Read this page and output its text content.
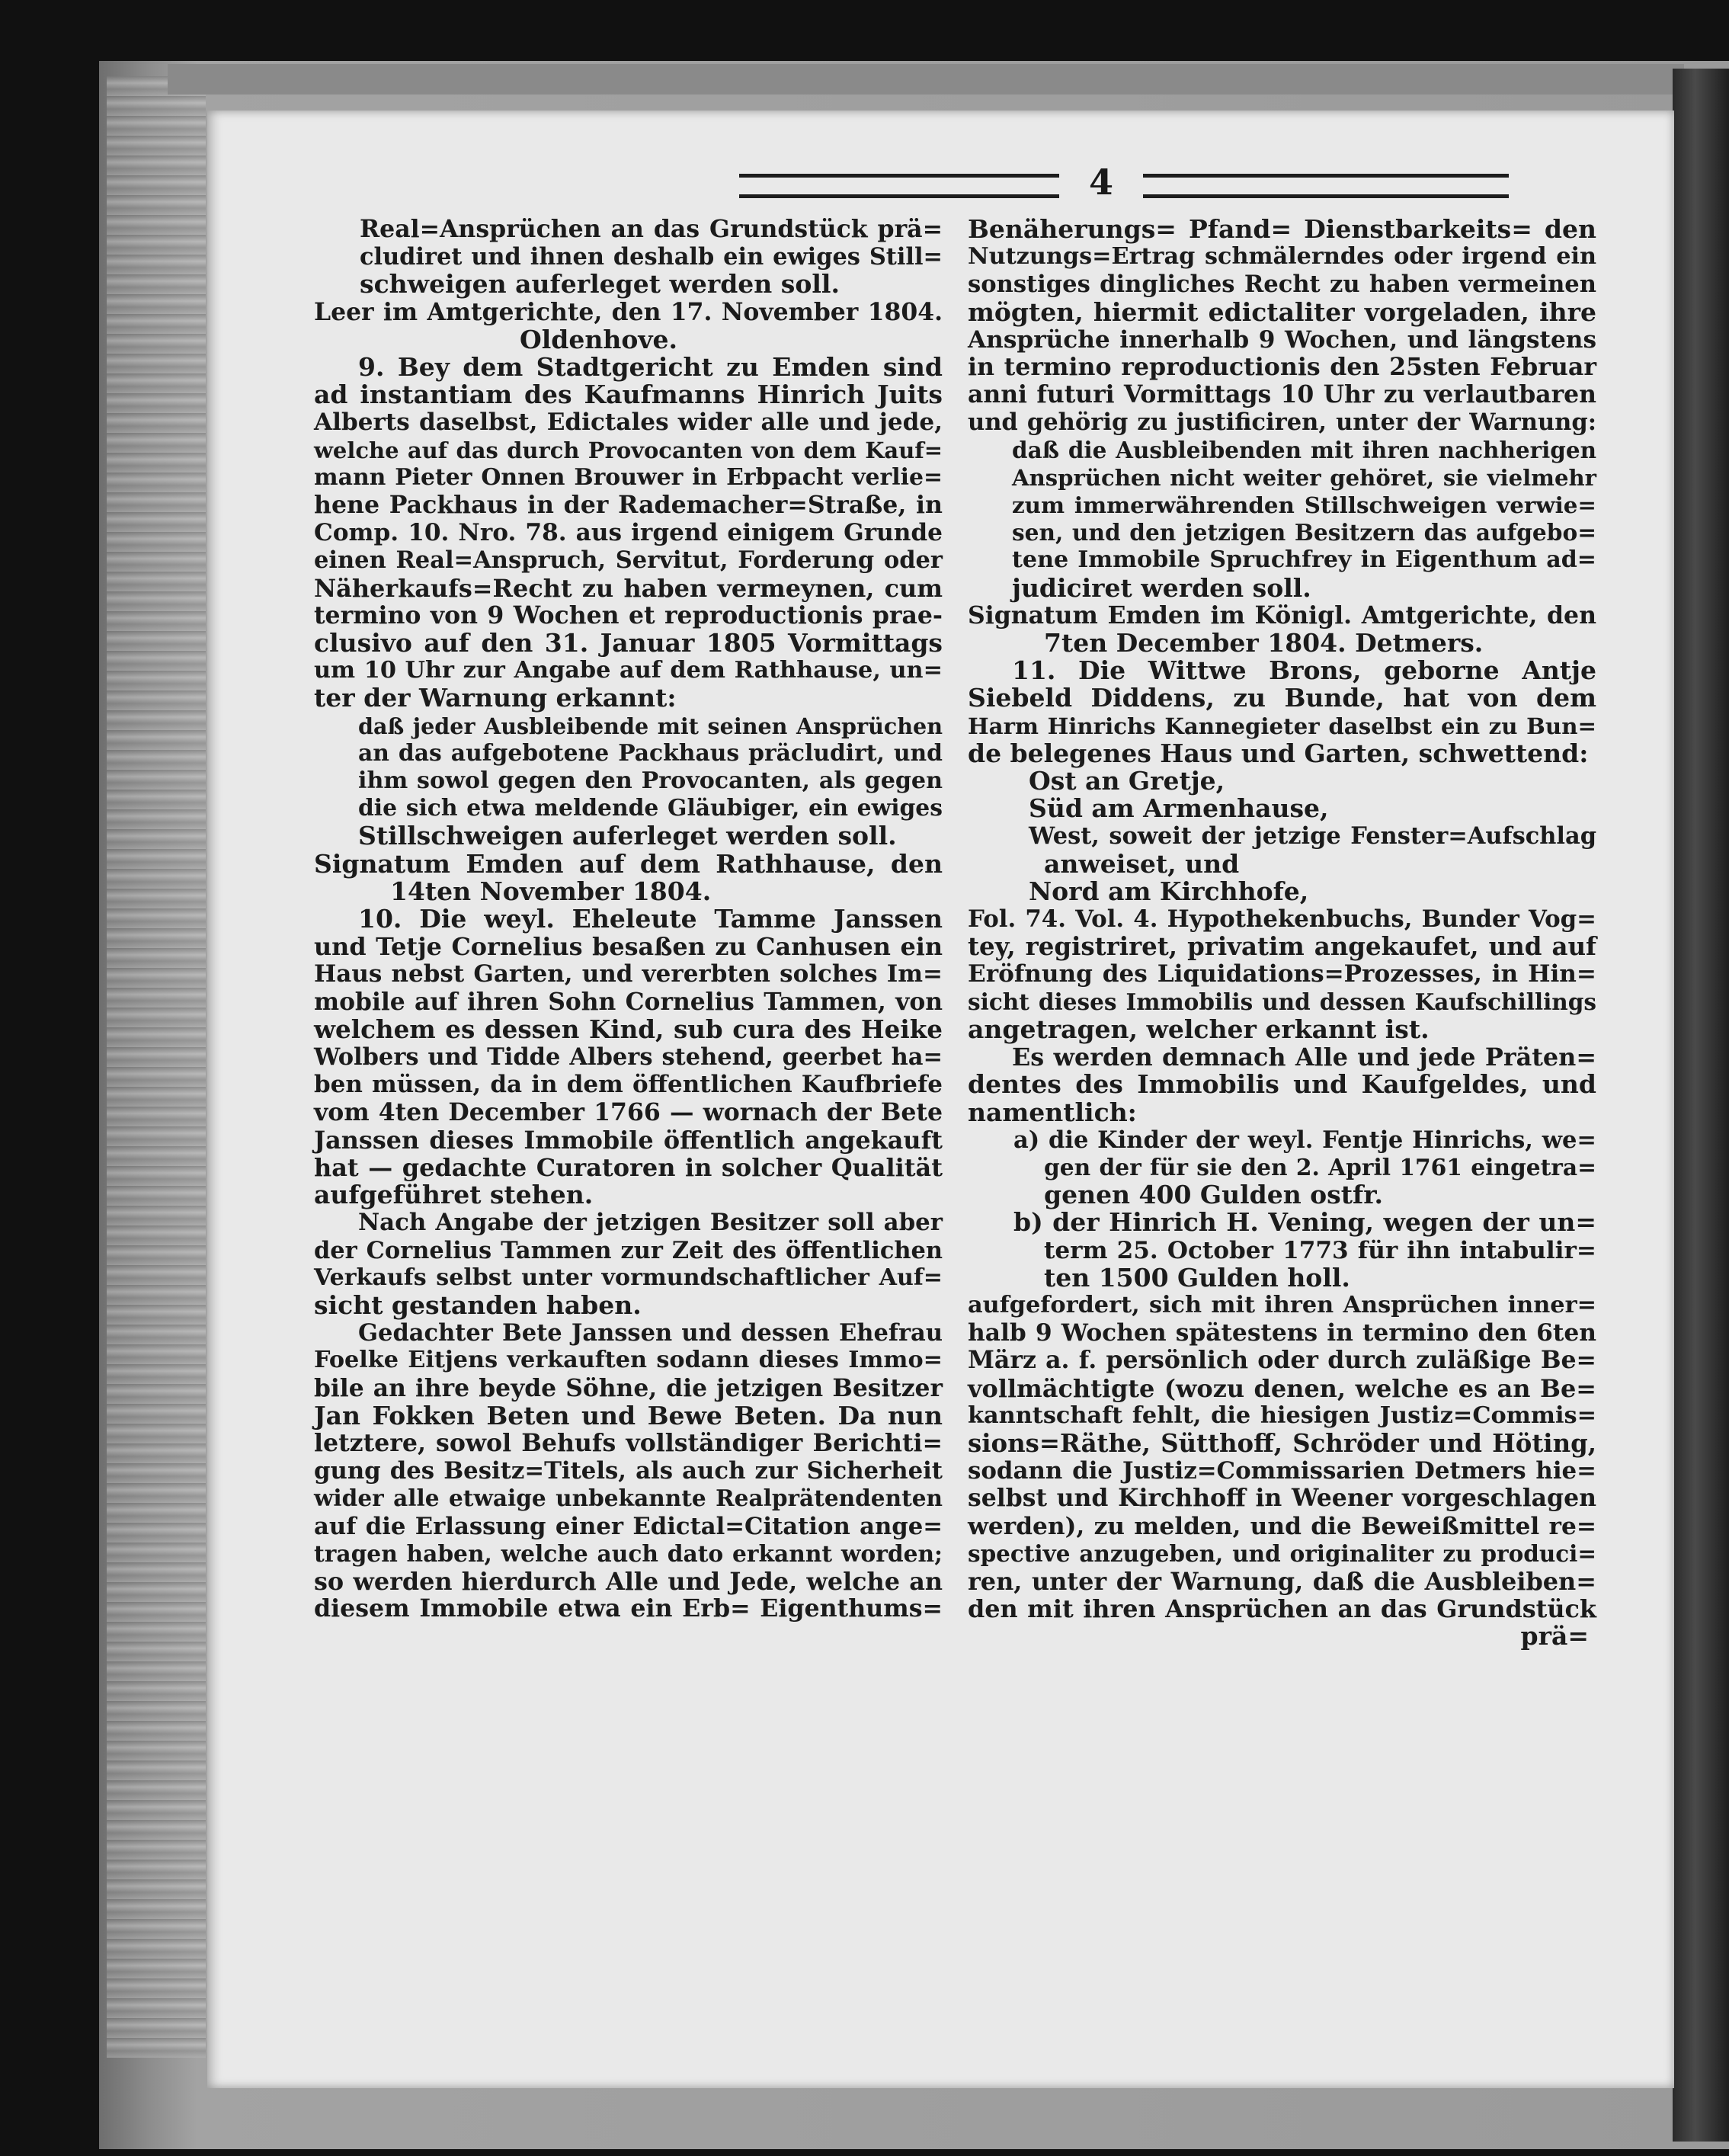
4
Real=Ansprüchen an das Grundstück prä=
cludiret und ihnen deshalb ein ewiges Still=
schweigen auferleget werden soll.
Leer im Amtgerichte, den 17. November 1804.
Oldenhove.
9. Bey dem Stadtgericht zu Emden sind
ad instantiam des Kaufmanns Hinrich Juits
Alberts daselbst, Edictales wider alle und jede,
welche auf das durch Provocanten von dem Kauf=
mann Pieter Onnen Brouwer in Erbpacht verlie=
hene Packhaus in der Rademacher=Straße, in
Comp. 10. Nro. 78. aus irgend einigem Grunde
einen Real=Anspruch, Servitut, Forderung oder
Näherkaufs=Recht zu haben vermeynen, cum
termino von 9 Wochen et reproductionis prae-
clusivo auf den 31. Januar 1805 Vormittags
um 10 Uhr zur Angabe auf dem Rathhause, un=
ter der Warnung erkannt:
daß jeder Ausbleibende mit seinen Ansprüchen
an das aufgebotene Packhaus präcludirt, und
ihm sowol gegen den Provocanten, als gegen
die sich etwa meldende Gläubiger, ein ewiges
Stillschweigen auferleget werden soll.
Signatum Emden auf dem Rathhause, den
14ten November 1804.
10. Die weyl. Eheleute Tamme Janssen
und Tetje Cornelius besaßen zu Canhusen ein
Haus nebst Garten, und vererbten solches Im=
mobile auf ihren Sohn Cornelius Tammen, von
welchem es dessen Kind, sub cura des Heike
Wolbers und Tidde Albers stehend, geerbet ha=
ben müssen, da in dem öffentlichen Kaufbriefe
vom 4ten December 1766 — wornach der Bete
Janssen dieses Immobile öffentlich angekauft
hat — gedachte Curatoren in solcher Qualität
aufgeführet stehen.
Nach Angabe der jetzigen Besitzer soll aber
der Cornelius Tammen zur Zeit des öffentlichen
Verkaufs selbst unter vormundschaftlicher Auf=
sicht gestanden haben.
Gedachter Bete Janssen und dessen Ehefrau
Foelke Eitjens verkauften sodann dieses Immo=
bile an ihre beyde Söhne, die jetzigen Besitzer
Jan Fokken Beten und Bewe Beten. Da nun
letztere, sowol Behufs vollständiger Berichti=
gung des Besitz=Titels, als auch zur Sicherheit
wider alle etwaige unbekannte Realprätendenten
auf die Erlassung einer Edictal=Citation ange=
tragen haben, welche auch dato erkannt worden;
so werden hierdurch Alle und Jede, welche an
diesem Immobile etwa ein Erb= Eigenthums=
Benäherungs= Pfand= Dienstbarkeits= den
Nutzungs=Ertrag schmälerndes oder irgend ein
sonstiges dingliches Recht zu haben vermeinen
mögten, hiermit edictaliter vorgeladen, ihre
Ansprüche innerhalb 9 Wochen, und längstens
in termino reproductionis den 25sten Februar
anni futuri Vormittags 10 Uhr zu verlautbaren
und gehörig zu justificiren, unter der Warnung:
daß die Ausbleibenden mit ihren nachherigen
Ansprüchen nicht weiter gehöret, sie vielmehr
zum immerwährenden Stillschweigen verwie=
sen, und den jetzigen Besitzern das aufgebo=
tene Immobile Spruchfrey in Eigenthum ad=
judiciret werden soll.
Signatum Emden im Königl. Amtgerichte, den
7ten December 1804. Detmers.
11. Die Wittwe Brons, geborne Antje
Siebeld Diddens, zu Bunde, hat von dem
Harm Hinrichs Kannegieter daselbst ein zu Bun=
de belegenes Haus und Garten, schwettend:
Ost an Gretje,
Süd am Armenhause,
West, soweit der jetzige Fenster=Aufschlag
anweiset, und
Nord am Kirchhofe,
Fol. 74. Vol. 4. Hypothekenbuchs, Bunder Vog=
tey, registriret, privatim angekaufet, und auf
Eröfnung des Liquidations=Prozesses, in Hin=
sicht dieses Immobilis und dessen Kaufschillings
angetragen, welcher erkannt ist.
Es werden demnach Alle und jede Präten=
dentes des Immobilis und Kaufgeldes, und
namentlich:
a) die Kinder der weyl. Fentje Hinrichs, we=
gen der für sie den 2. April 1761 eingetra=
genen 400 Gulden ostfr.
b) der Hinrich H. Vening, wegen der un=
term 25. October 1773 für ihn intabulir=
ten 1500 Gulden holl.
aufgefordert, sich mit ihren Ansprüchen inner=
halb 9 Wochen spätestens in termino den 6ten
März a. f. persönlich oder durch zuläßige Be=
vollmächtigte (wozu denen, welche es an Be=
kanntschaft fehlt, die hiesigen Justiz=Commis=
sions=Räthe, Sütthoff, Schröder und Höting,
sodann die Justiz=Commissarien Detmers hie=
selbst und Kirchhoff in Weener vorgeschlagen
werden), zu melden, und die Beweißmittel re=
spective anzugeben, und originaliter zu produci=
ren, unter der Warnung, daß die Ausbleiben=
den mit ihren Ansprüchen an das Grundstück
prä=
